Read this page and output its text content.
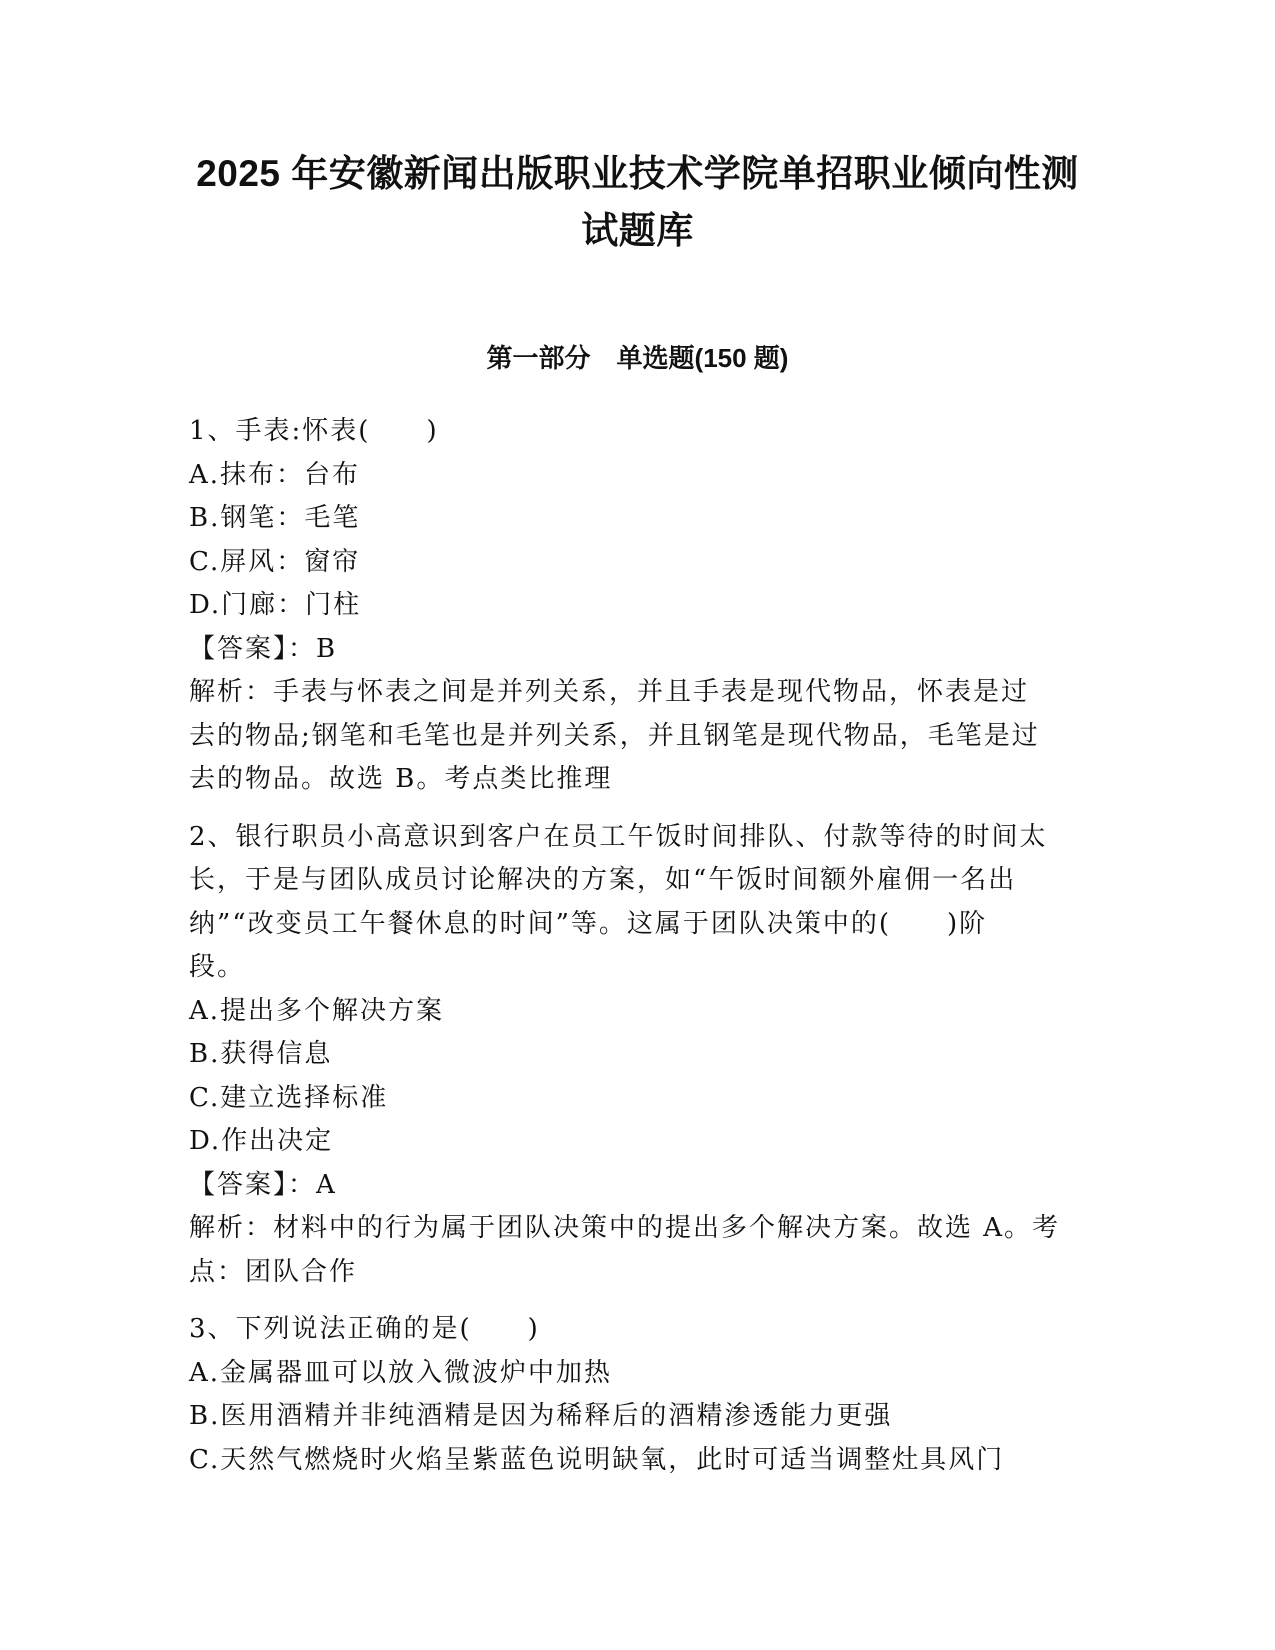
2025 年安徽新闻出版职业技术学院单招职业倾向性测
试题库
第一部分　单选题(150 题)
1、手表:怀表(　　)
A.抹布：台布
B.钢笔：毛笔
C.屏风：窗帘
D.门廊：门柱
【答案】：B
解析：手表与怀表之间是并列关系，并且手表是现代物品，怀表是过
去的物品;钢笔和毛笔也是并列关系，并且钢笔是现代物品，毛笔是过
去的物品。故选 B。考点类比推理
2、银行职员小高意识到客户在员工午饭时间排队、付款等待的时间太
长，于是与团队成员讨论解决的方案，如“午饭时间额外雇佣一名出
纳”“改变员工午餐休息的时间”等。这属于团队决策中的(　　)阶
段。
A.提出多个解决方案
B.获得信息
C.建立选择标准
D.作出决定
【答案】：A
解析：材料中的行为属于团队决策中的提出多个解决方案。故选 A。考
点：团队合作
3、下列说法正确的是(　　)
A.金属器皿可以放入微波炉中加热
B.医用酒精并非纯酒精是因为稀释后的酒精渗透能力更强
C.天然气燃烧时火焰呈紫蓝色说明缺氧，此时可适当调整灶具风门
